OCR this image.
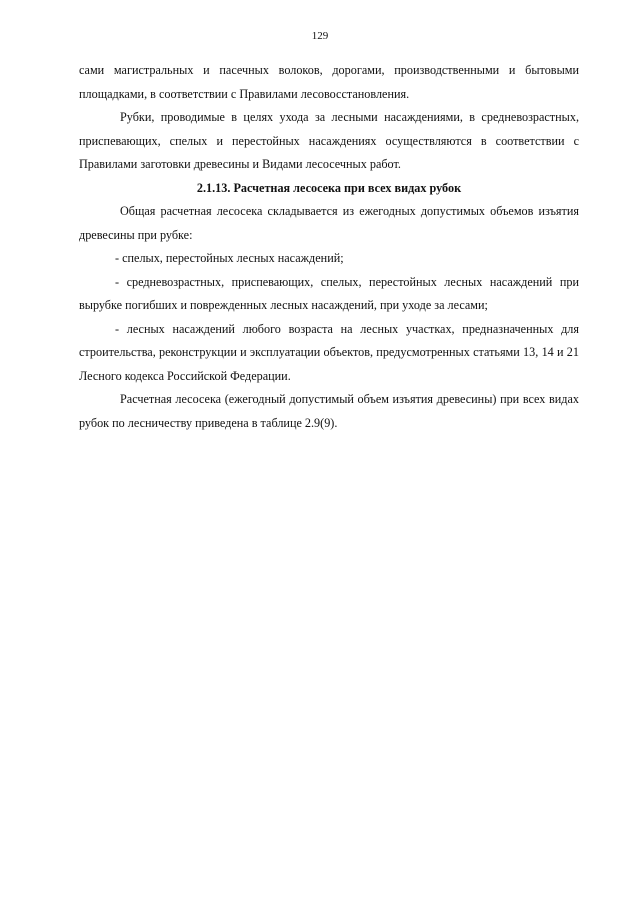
129

сами магистральных и пасечных волоков, дорогами, производственными и бытовыми площадками, в соответствии с Правилами лесовосстановления.

Рубки, проводимые в целях ухода за лесными насаждениями, в средневозрастных, приспевающих, спелых и перестойных насаждениях осуществляются в соответствии с Правилами заготовки древесины и Видами лесосечных работ.

2.1.13. Расчетная лесосека при всех видах рубок

Общая расчетная лесосека складывается из ежегодных допустимых объемов изъятия древесины при рубке:

- спелых, перестойных лесных насаждений;

- средневозрастных, приспевающих, спелых, перестойных лесных насаждений при вырубке погибших и поврежденных лесных насаждений, при уходе за лесами;

- лесных насаждений любого возраста на лесных участках, предназначенных для строительства, реконструкции и эксплуатации объектов, предусмотренных статьями 13, 14 и 21 Лесного кодекса Российской Федерации.

Расчетная лесосека (ежегодный допустимый объем изъятия древесины) при всех видах рубок по лесничеству приведена в таблице 2.9(9).
